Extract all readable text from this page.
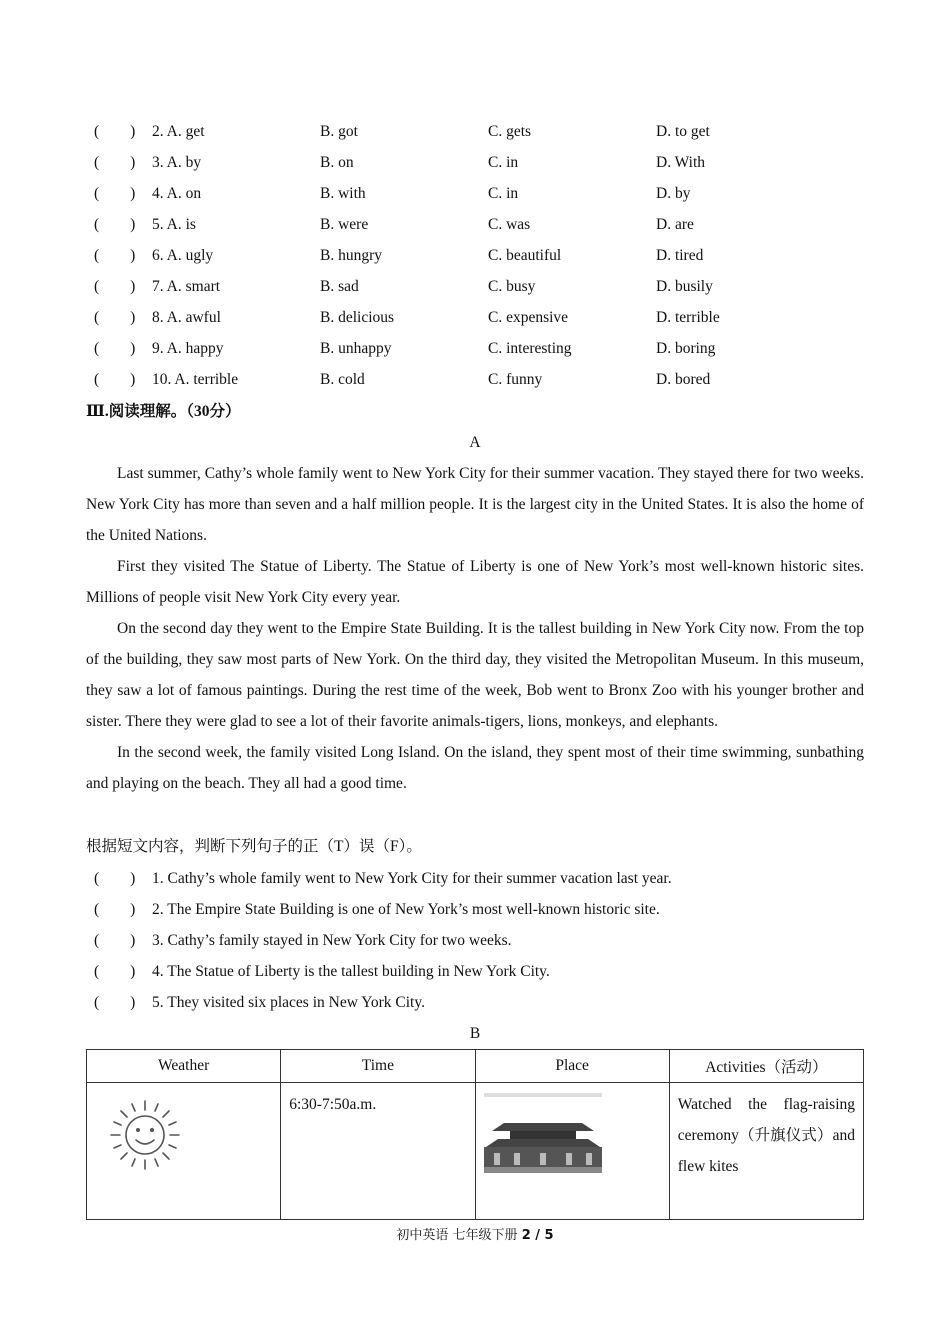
(　　) 2. A. get	B. got	C. gets	D. to get
(　　) 3. A. by	B. on	C. in	D. With
(　　) 4. A. on	B. with	C. in	D. by
(　　) 5. A. is	B. were	C. was	D. are
(　　) 6. A. ugly	B. hungry	C. beautiful	D. tired
(　　) 7. A. smart	B. sad	C. busy	D. busily
(　　) 8. A. awful	B. delicious	C. expensive	D. terrible
(　　) 9. A. happy	B. unhappy	C. interesting	D. boring
(　　) 10. A. terrible	B. cold	C. funny	D. bored
Ⅲ.阅读理解。（30分）
A

Last summer, Cathy’s whole family went to New York City for their summer vacation. They stayed there for two weeks. New York City has more than seven and a half million people. It is the largest city in the United States. It is also the home of the United Nations.

First they visited The Statue of Liberty. The Statue of Liberty is one of New York’s most well-known historic sites. Millions of people visit New York City every year.

On the second day they went to the Empire State Building. It is the tallest building in New York City now. From the top of the building, they saw most parts of New York. On the third day, they visited the Metropolitan Museum. In this museum, they saw a lot of famous paintings. During the rest time of the week, Bob went to Bronx Zoo with his younger brother and sister. There they were glad to see a lot of their favorite animals-tigers, lions, monkeys, and elephants.

In the second week, the family visited Long Island. On the island, they spent most of their time swimming, sunbathing and playing on the beach. They all had a good time.

根据短文内容，判断下列句子的正（T）误（F）。
(　　) 1. Cathy’s whole family went to New York City for their summer vacation last year.
(　　) 2. The Empire State Building is one of New York’s most well-known historic site.
(　　) 3. Cathy’s family stayed in New York City for two weeks.
(　　) 4. The Statue of Liberty is the tallest building in New York City.
(　　) 5. They visited six places in New York City.
B
Weather	Time	Place	Activities（活动）
	6:30-7:50a.m.		Watched the flag-raising ceremony（升旗仪式）and flew kites
初中英语 七年级下册 2 / 5
